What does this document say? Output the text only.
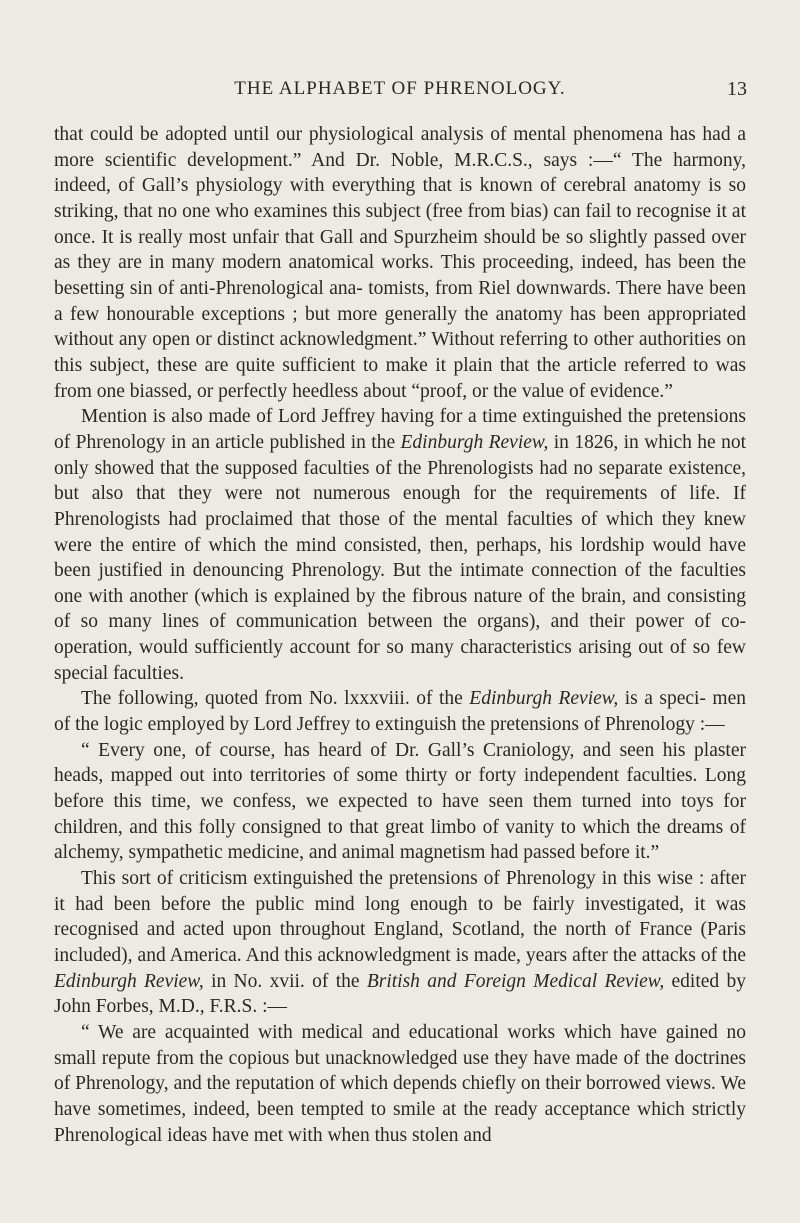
THE ALPHABET OF PHRENOLOGY.	13

that could be adopted until our physiological analysis of mental phenomena has had a more scientific development.” And Dr. Noble, M.R.C.S., says :—“ The harmony, indeed, of Gall’s physiology with everything that is known of cerebral anatomy is so striking, that no one who examines this subject (free from bias) can fail to recognise it at once. It is really most unfair that Gall and Spurzheim should be so slightly passed over as they are in many modern anatomical works. This proceeding, indeed, has been the besetting sin of anti-Phrenological ana- tomists, from Riel downwards. There have been a few honourable exceptions ; but more generally the anatomy has been appropriated without any open or distinct acknowledgment.” Without referring to other authorities on this subject, these are quite sufficient to make it plain that the article referred to was from one biassed, or perfectly heedless about “proof, or the value of evidence.”

Mention is also made of Lord Jeffrey having for a time extinguished the pretensions of Phrenology in an article published in the Edinburgh Review, in 1826, in which he not only showed that the supposed faculties of the Phrenologists had no separate existence, but also that they were not numerous enough for the requirements of life. If Phrenologists had proclaimed that those of the mental faculties of which they knew were the entire of which the mind consisted, then, perhaps, his lordship would have been justified in denouncing Phrenology. But the intimate connection of the faculties one with another (which is explained by the fibrous nature of the brain, and consisting of so many lines of communication between the organs), and their power of co-operation, would sufficiently account for so many characteristics arising out of so few special faculties.

The following, quoted from No. lxxxviii. of the Edinburgh Review, is a speci- men of the logic employed by Lord Jeffrey to extinguish the pretensions of Phrenology :—

“ Every one, of course, has heard of Dr. Gall’s Craniology, and seen his plaster heads, mapped out into territories of some thirty or forty independent faculties. Long before this time, we confess, we expected to have seen them turned into toys for children, and this folly consigned to that great limbo of vanity to which the dreams of alchemy, sympathetic medicine, and animal magnetism had passed before it.”

This sort of criticism extinguished the pretensions of Phrenology in this wise : after it had been before the public mind long enough to be fairly investigated, it was recognised and acted upon throughout England, Scotland, the north of France (Paris included), and America. And this acknowledgment is made, years after the attacks of the Edinburgh Review, in No. xvii. of the British and Foreign Medical Review, edited by John Forbes, M.D., F.R.S. :—

“ We are acquainted with medical and educational works which have gained no small repute from the copious but unacknowledged use they have made of the doctrines of Phrenology, and the reputation of which depends chiefly on their borrowed views. We have sometimes, indeed, been tempted to smile at the ready acceptance which strictly Phrenological ideas have met with when thus stolen and
